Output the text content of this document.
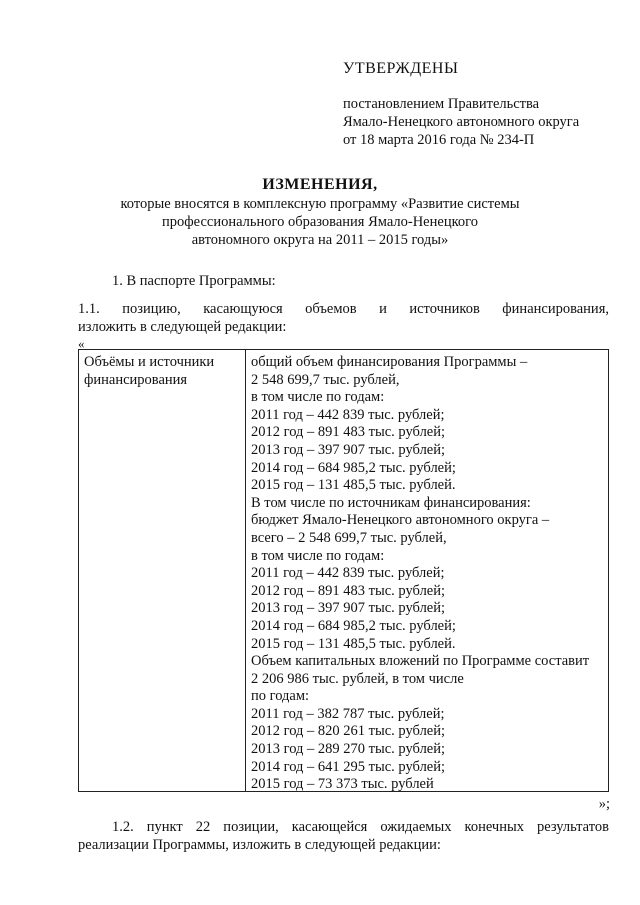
УТВЕРЖДЕНЫ
постановлением Правительства
Ямало-Ненецкого автономного округа
от 18 марта 2016 года № 234-П
ИЗМЕНЕНИЯ,
которые вносятся в комплексную программу «Развитие системы
профессионального образования Ямало-Ненецкого
автономного округа на 2011 – 2015 годы»
1. В паспорте Программы:
1.1. позицию, касающуюся объемов и источников финансирования,
изложить в следующей редакции:
«
Объёмы и источники
финансирования
общий объем финансирования Программы –
2 548 699,7 тыс. рублей,
в том числе по годам:
2011 год – 442 839 тыс. рублей;
2012 год – 891 483 тыс. рублей;
2013 год – 397 907 тыс. рублей;
2014 год – 684 985,2 тыс. рублей;
2015 год – 131 485,5 тыс. рублей.
В том числе по источникам финансирования:
бюджет Ямало-Ненецкого автономного округа –
всего – 2 548 699,7 тыс. рублей,
в том числе по годам:
2011 год – 442 839 тыс. рублей;
2012 год – 891 483 тыс. рублей;
2013 год – 397 907 тыс. рублей;
2014 год – 684 985,2 тыс. рублей;
2015 год – 131 485,5 тыс. рублей.
Объем капитальных вложений по Программе составит
2 206 986 тыс. рублей, в том числе
по годам:
2011 год – 382 787 тыс. рублей;
2012 год – 820 261 тыс. рублей;
2013 год – 289 270 тыс. рублей;
2014 год – 641 295 тыс. рублей;
2015 год – 73 373 тыс. рублей
»;
1.2. пункт 22 позиции, касающейся ожидаемых конечных результатов
реализации Программы, изложить в следующей редакции:
